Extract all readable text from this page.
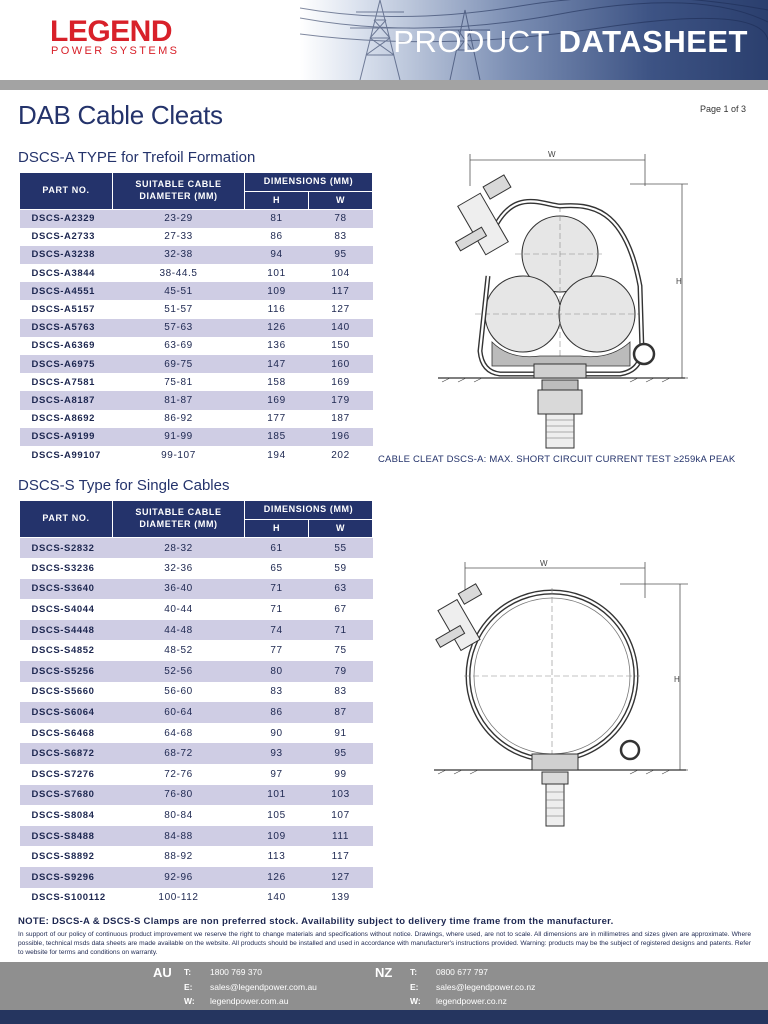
LEGEND
POWER SYSTEMS	PRODUCT DATASHEET
DAB Cable Cleats	Page 1 of 3
DSCS-A TYPE for Trefoil Formation
PART NO.	SUITABLE CABLE DIAMETER (MM)	DIMENSIONS (MM)	
		H	W
DSCS-A2329	23-29	81	78
DSCS-A2733	27-33	86	83
DSCS-A3238	32-38	94	95
DSCS-A3844	38-44.5	101	104
DSCS-A4551	45-51	109	117
DSCS-A5157	51-57	116	127
DSCS-A5763	57-63	126	140
DSCS-A6369	63-69	136	150
DSCS-A6975	69-75	147	160
DSCS-A7581	75-81	158	169
DSCS-A8187	81-87	169	179
DSCS-A8692	86-92	177	187
DSCS-A9199	91-99	185	196
DSCS-A99107	99-107	194	202
DSCS-S Type for Single Cables
PART NO.	SUITABLE CABLE DIAMETER (MM)	DIMENSIONS (MM)	
		H	W
DSCS-S2832	28-32	61	55
DSCS-S3236	32-36	65	59
DSCS-S3640	36-40	71	63
DSCS-S4044	40-44	71	67
DSCS-S4448	44-48	74	71
DSCS-S4852	48-52	77	75
DSCS-S5256	52-56	80	79
DSCS-S5660	56-60	83	83
DSCS-S6064	60-64	86	87
DSCS-S6468	64-68	90	91
DSCS-S6872	68-72	93	95
DSCS-S7276	72-76	97	99
DSCS-S7680	76-80	101	103
DSCS-S8084	80-84	105	107
DSCS-S8488	84-88	109	111
DSCS-S8892	88-92	113	117
DSCS-S9296	92-96	126	127
DSCS-S100112	100-112	140	139
W
H
CABLE CLEAT DSCS-A: MAX. SHORT CIRCUIT CURRENT TEST ≥259kA PEAK
W
H
NOTE: DSCS-A & DSCS-S Clamps are non preferred stock. Availability subject to delivery time frame from the manufacturer.
In support of our policy of continuous product improvement we reserve the right to change materials and specifications without notice. Drawings, where used, are not to scale. All dimensions are in millimetres and sizes given are approximate. Where possible, technical msds data sheets are made available on the website. All products should be installed and used in accordance with manufacturer's instructions provided. Warning: products may be the subject of registered designs and patents. Refer to website for terms and conditions on warranty.
AU T: 1800 769 370
E: sales@legendpower.com.au
W: legendpower.com.au
NZ T: 0800 677 797
E: sales@legendpower.co.nz
W: legendpower.co.nz
